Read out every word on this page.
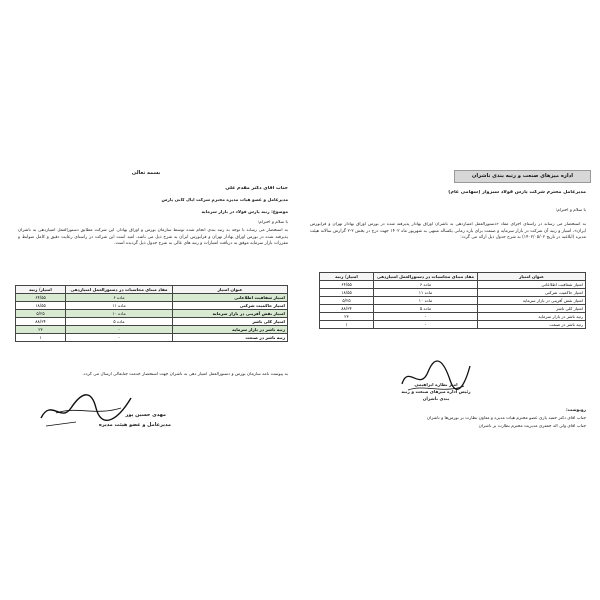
بسمه تعالی
جناب آقای دکتر مقدم علی
مدیرعامل و عضو هیات مدیره محترم شرکت ایال کانی پارس
موضوع: رتبه پارس فولاد در بازار سرمایه
با سلام و احترام؛
به استحضار می رساند با توجه به رتبه بندی انجام شده توسط سازمان بورس و اوراق بهادار، این شرکت مطابق دستورالعمل امتیازدهی به ناشران پذیرفته شده در بورس اوراق بهادار تهران و فرابورس ایران به شرح ذیل می باشد. امید است این شرکت در راستای رعایت دقیق و کامل ضوابط و مقررات بازار سرمایه موفق به دریافت امتیازات و رتبه های عالی به شرح جدول ذیل گردیده است.
عنوان امتیاز	مفاد مبنای محاسبات در دستورالعمل امتیازدهی	امتیاز/ رتبه
امتیاز شفافیت اطلاعاتی	ماده ۶	۶۴/۵۵
امتیاز حاکمیت شرکتی	ماده ۱۱	۱۸/۵۵
امتیاز نقش آفرینی در بازار سرمایه	ماده ۱۰	۵/۲۵
امتیاز کلی ناشر	ماده ۵	۸۸/۳۴
رتبه ناشر در بازار سرمایه	-	۲۳
رتبه ناشر در صنعت	-	۱
به پیوست نامه سازمان بورس و دستورالعمل امتیاز دهی به ناشران جهت استحضار خدمت جنابعالی ارسال می گردد.
مهدی حسین پور
مدیرعامل و عضو هیئت مدیره
اداره میزهای صنعت و رتبه بندی ناشران
مدیرعامل محترم شرکت پارس فولاد سبزوار (سهامی عام)
با سلام و احترام؛
به استحضار می رساند در راستای اجرای مفاد «دستورالعمل امتیازدهی به ناشران اوراق بهادار پذیرفته شده در بورس اوراق بهادار تهران و فرابورس ایران»، امتیاز و رتبه آن شرکت در بازار سرمایه و صنعت برای بازه زمانی یکساله منتهی به شهریور ماه ۱۴۰۲ جهت درج در بخش ۲-۲ گزارش سالانه هیئت مدیره (ابلاغیه در تاریخ ۱۴۰۲/۰۵/۰۲) به شرح جدول ذیل ارائه می گردد:
عنوان امتیاز	مفاد مبنای محاسبات در دستورالعمل امتیازدهی	امتیاز/ رتبه
امتیاز شفافیت اطلاعاتی	ماده ۶	۶۴/۵۵
امتیاز حاکمیت شرکتی	ماده ۱۱	۱۸/۵۵
امتیاز نقش آفرینی در بازار سرمایه	ماده ۱۰	۵/۲۵
امتیاز کلی ناشر	ماده ۵	۸۸/۳۴
رتبه ناشر در بازار سرمایه	-	۲۳
رتبه ناشر در صنعت	-	۱
امیر نظاره ابراهیمی
رئیس اداره میزهای صنعت و رتبه بندی ناشران
رونوشت:
جناب آقای دکتر حمید یاری عضو محترم هیأت مدیره و معاون نظارت بر بورس‌ها و ناشران
جناب آقای ولی اله جعفری مدیریت محترم نظارت بر ناشران
